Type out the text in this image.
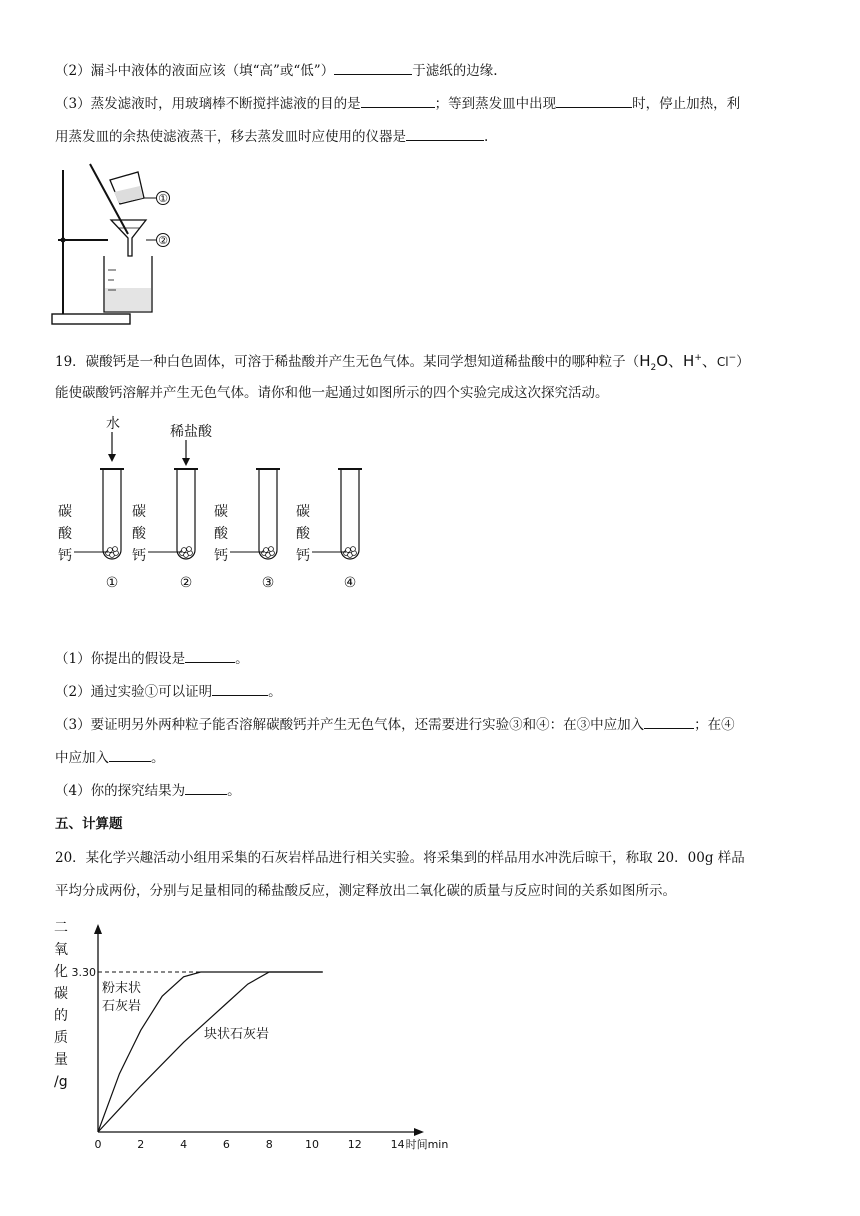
（2）漏斗中液体的液面应该（填“高”或“低”）	于滤纸的边缘.
（3）蒸发滤液时，用玻璃棒不断搅拌滤液的目的是	；等到蒸发皿中出现	时，停止加热，利
用蒸发皿的余热使滤液蒸干，移去蒸发皿时应使用的仪器是	.
①
②
19．碳酸钙是一种白色固体，可溶于稀盐酸并产生无色气体。某同学想知道稀盐酸中的哪种粒子（$H_2O$、H+、Cl−）
能使碳酸钙溶解并产生无色气体。请你和他一起通过如图所示的四个实验完成这次探究活动。
水	稀盐酸
碳
酸
钙
①
碳
酸
钙
②
碳
酸
钙
③
碳
酸
钙
④
（1）你提出的假设是	。
（2）通过实验①可以证明	。
（3）要证明另外两种粒子能否溶解碳酸钙并产生无色气体，还需要进行实验③和④：在③中应加入	；在④
中应加入	。
（4）你的探究结果为	。
五、计算题
20．某化学兴趣活动小组用采集的石灰岩样品进行相关实验。将采集到的样品用水冲洗后晾干，称取 20．00g 样品
平均分成两份，分别与足量相同的稀盐酸反应，测定释放出二氧化碳的质量与反应时间的关系如图所示。
二
氧
化
碳
的
质
量
/g
时间min
0	2	4	6	8	10	12	14
3.30
粉末状
石灰岩
块状石灰岩
